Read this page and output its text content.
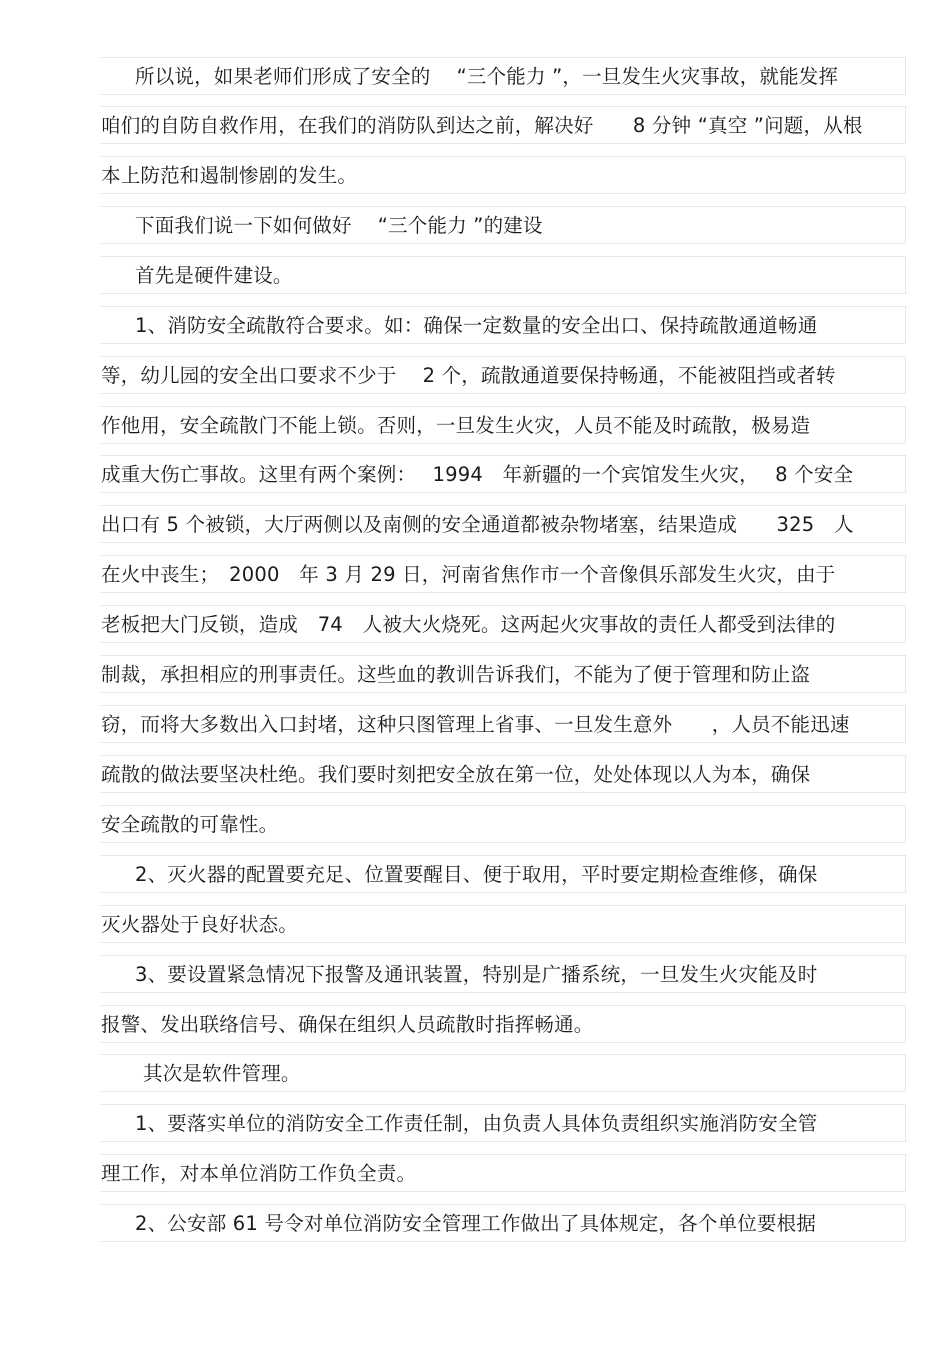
所以说，如果老师们形成了安全的　 “三个能力 ”，一旦发生火灾事故，就能发挥
咱们的自防自救作用，在我们的消防队到达之前，解决好　　8 分钟 “真空 ”问题，从根
本上防范和遏制惨剧的发生。
下面我们说一下如何做好　 “三个能力 ”的建设
首先是硬件建设。
1、消防安全疏散符合要求。如：确保一定数量的安全出口、保持疏散通道畅通
等，幼儿园的安全出口要求不少于　 2 个，疏散通道要保持畅通，不能被阻挡或者转
作他用，安全疏散门不能上锁。否则，一旦发生火灾，人员不能及时疏散，极易造
成重大伤亡事故。这里有两个案例：　 1994　年新疆的一个宾馆发生火灾，　 8 个安全
出口有 5 个被锁，大厅两侧以及南侧的安全通道都被杂物堵塞，结果造成　　325　人
在火中丧生；　2000　年 3 月 29 日，河南省焦作市一个音像俱乐部发生火灾，由于
老板把大门反锁，造成　74　人被大火烧死。这两起火灾事故的责任人都受到法律的
制裁，承担相应的刑事责任。这些血的教训告诉我们，不能为了便于管理和防止盗
窃，而将大多数出入口封堵，这种只图管理上省事、一旦发生意外　　，人员不能迅速
疏散的做法要坚决杜绝。我们要时刻把安全放在第一位，处处体现以人为本，确保
安全疏散的可靠性。
2、灭火器的配置要充足、位置要醒目、便于取用，平时要定期检查维修，确保
灭火器处于良好状态。
3、要设置紧急情况下报警及通讯装置，特别是广播系统，一旦发生火灾能及时
报警、发出联络信号、确保在组织人员疏散时指挥畅通。
其次是软件管理。
1、要落实单位的消防安全工作责任制，由负责人具体负责组织实施消防安全管
理工作，对本单位消防工作负全责。
2、公安部 61 号令对单位消防安全管理工作做出了具体规定，各个单位要根据
